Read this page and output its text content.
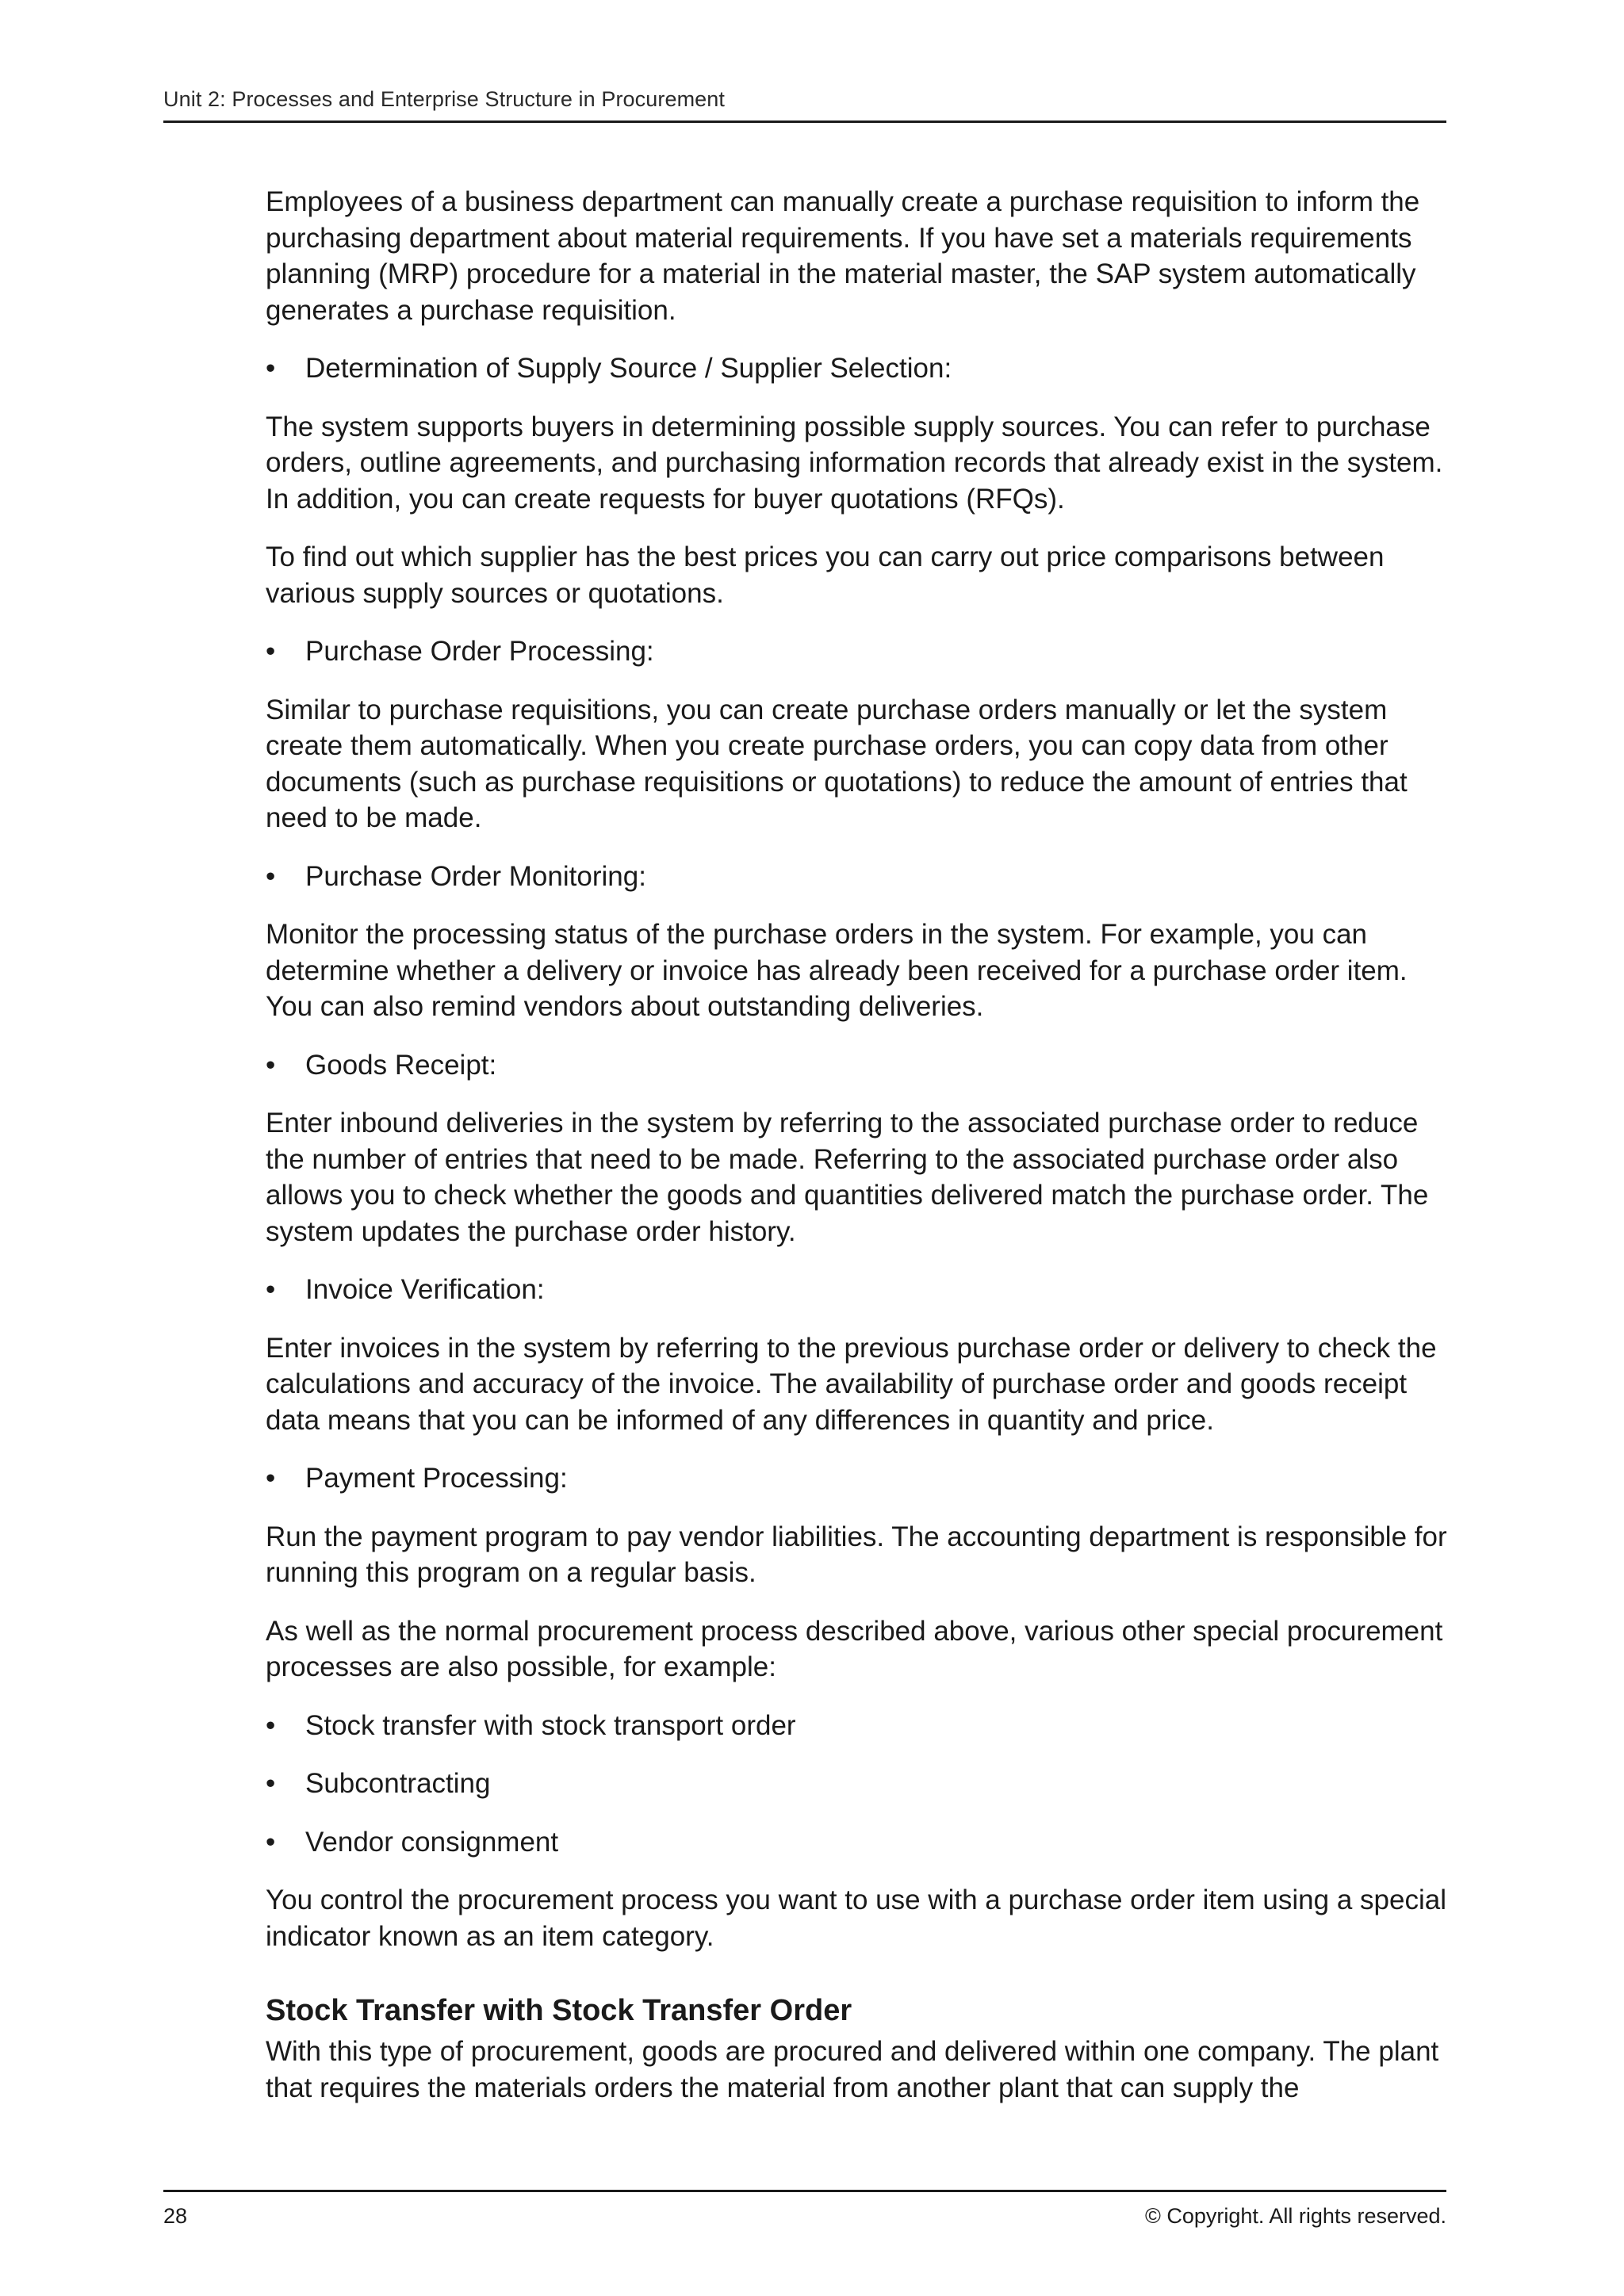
Unit 2: Processes and Enterprise Structure in Procurement

Employees of a business department can manually create a purchase requisition to inform the purchasing department about material requirements. If you have set a materials requirements planning (MRP) procedure for a material in the material master, the SAP system automatically generates a purchase requisition.

•	Determination of Supply Source / Supplier Selection:

The system supports buyers in determining possible supply sources. You can refer to purchase orders, outline agreements, and purchasing information records that already exist in the system. In addition, you can create requests for buyer quotations (RFQs).

To find out which supplier has the best prices you can carry out price comparisons between various supply sources or quotations.

•	Purchase Order Processing:

Similar to purchase requisitions, you can create purchase orders manually or let the system create them automatically. When you create purchase orders, you can copy data from other documents (such as purchase requisitions or quotations) to reduce the amount of entries that need to be made.

•	Purchase Order Monitoring:

Monitor the processing status of the purchase orders in the system. For example, you can determine whether a delivery or invoice has already been received for a purchase order item. You can also remind vendors about outstanding deliveries.

•	Goods Receipt:

Enter inbound deliveries in the system by referring to the associated purchase order to reduce the number of entries that need to be made. Referring to the associated purchase order also allows you to check whether the goods and quantities delivered match the purchase order. The system updates the purchase order history.

•	Invoice Verification:

Enter invoices in the system by referring to the previous purchase order or delivery to check the calculations and accuracy of the invoice. The availability of purchase order and goods receipt data means that you can be informed of any differences in quantity and price.

•	Payment Processing:

Run the payment program to pay vendor liabilities. The accounting department is responsible for running this program on a regular basis.

As well as the normal procurement process described above, various other special procurement processes are also possible, for example:

•	Stock transfer with stock transport order

•	Subcontracting

•	Vendor consignment

You control the procurement process you want to use with a purchase order item using a special indicator known as an item category.

Stock Transfer with Stock Transfer Order

With this type of procurement, goods are procured and delivered within one company. The plant that requires the materials orders the material from another plant that can supply the

28	© Copyright. All rights reserved.
